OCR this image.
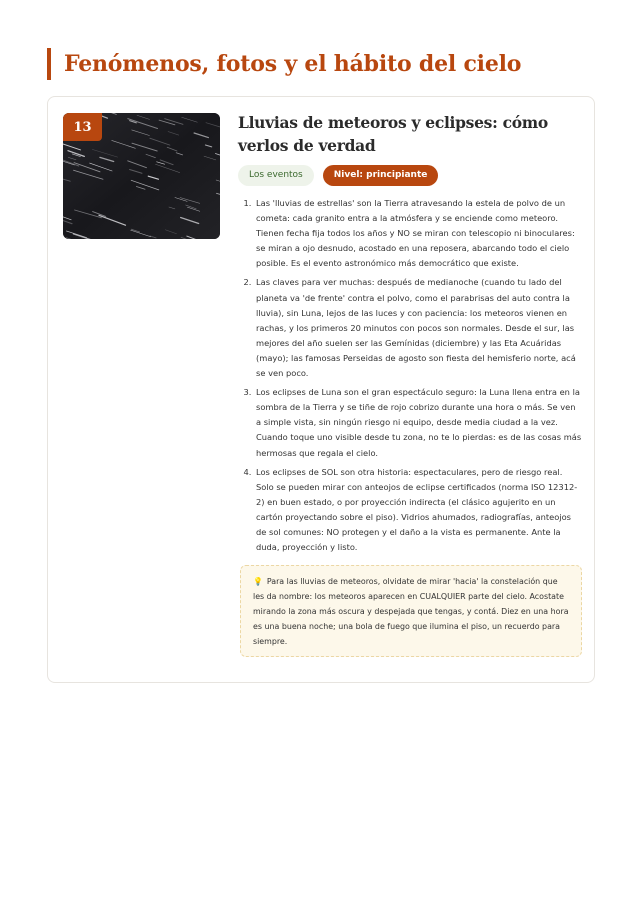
Fenómenos, fotos y el hábito del cielo
13	Lluvias de meteoros y eclipses: cómo verlos de verdad
Los eventos	Nivel: principiante
1. Las 'lluvias de estrellas' son la Tierra atravesando la estela de polvo de un cometa: cada granito entra a la atmósfera y se enciende como meteoro. Tienen fecha fija todos los años y NO se miran con telescopio ni binoculares: se miran a ojo desnudo, acostado en una reposera, abarcando todo el cielo posible. Es el evento astronómico más democrático que existe.
2. Las claves para ver muchas: después de medianoche (cuando tu lado del planeta va 'de frente' contra el polvo, como el parabrisas del auto contra la lluvia), sin Luna, lejos de las luces y con paciencia: los meteoros vienen en rachas, y los primeros 20 minutos con pocos son normales. Desde el sur, las mejores del año suelen ser las Gemínidas (diciembre) y las Eta Acuáridas (mayo); las famosas Perseidas de agosto son fiesta del hemisferio norte, acá se ven poco.
3. Los eclipses de Luna son el gran espectáculo seguro: la Luna llena entra en la sombra de la Tierra y se tiñe de rojo cobrizo durante una hora o más. Se ven a simple vista, sin ningún riesgo ni equipo, desde media ciudad a la vez. Cuando toque uno visible desde tu zona, no te lo pierdas: es de las cosas más hermosas que regala el cielo.
4. Los eclipses de SOL son otra historia: espectaculares, pero de riesgo real. Solo se pueden mirar con anteojos de eclipse certificados (norma ISO 12312-2) en buen estado, o por proyección indirecta (el clásico agujerito en un cartón proyectando sobre el piso). Vidrios ahumados, radiografías, anteojos de sol comunes: NO protegen y el daño a la vista es permanente. Ante la duda, proyección y listo.
💡 Para las lluvias de meteoros, olvidate de mirar 'hacia' la constelación que les da nombre: los meteoros aparecen en CUALQUIER parte del cielo. Acostate mirando la zona más oscura y despejada que tengas, y contá. Diez en una hora es una buena noche; una bola de fuego que ilumina el piso, un recuerdo para siempre.
